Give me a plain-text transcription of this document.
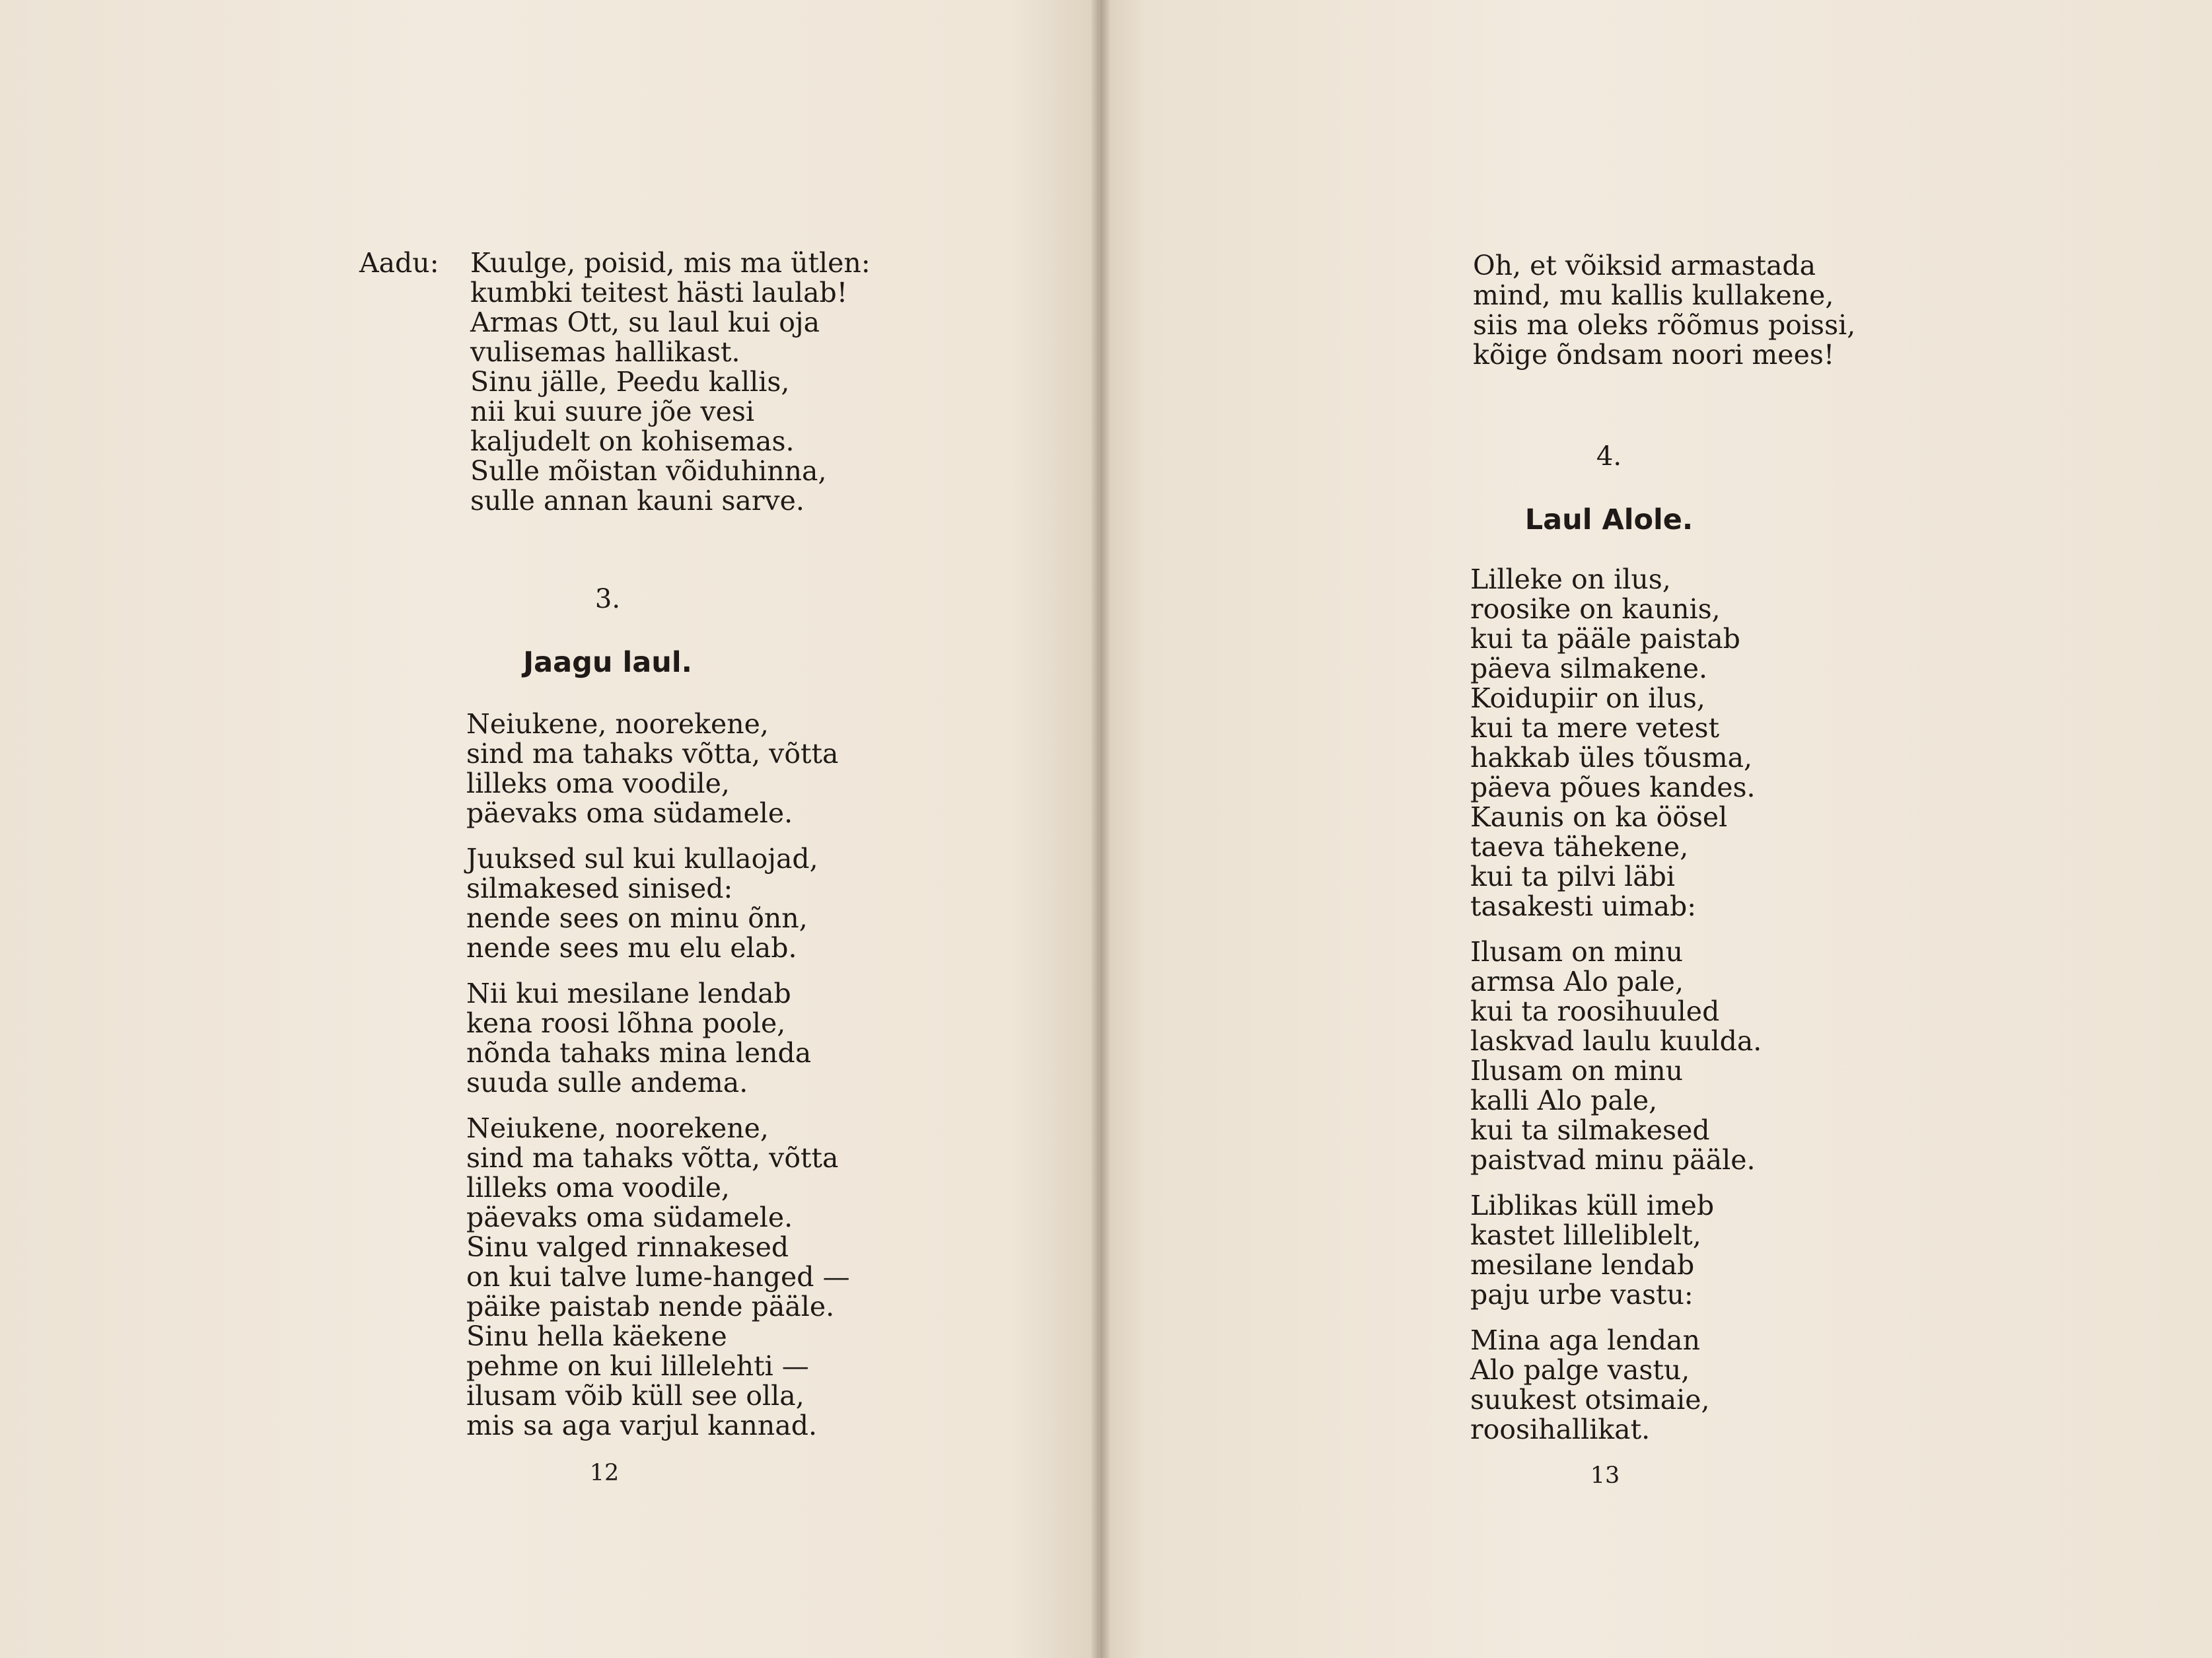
Aadu: Kuulge, poisid, mis ma ütlen:
kumbki teitest hästi laulab!
Armas Ott, su laul kui oja
vulisemas hallikast.
Sinu jälle, Peedu kallis,
nii kui suure jõe vesi
kaljudelt on kohisemas.
Sulle mõistan võiduhinna,
sulle annan kauni sarve.
3.
Jaagu laul.
Neiukene, noorekene,
sind ma tahaks võtta, võtta
lilleks oma voodile,
päevaks oma südamele.
Juuksed sul kui kullaojad,
silmakesed sinised:
nende sees on minu õnn,
nende sees mu elu elab.
Nii kui mesilane lendab
kena roosi lõhna poole,
nõnda tahaks mina lenda
suuda sulle andema.
Neiukene, noorekene,
sind ma tahaks võtta, võtta
lilleks oma voodile,
päevaks oma südamele.
Sinu valged rinnakesed
on kui talve lume-hanged —
päike paistab nende pääle.
Sinu hella käekene
pehme on kui lillelehti —
ilusam võib küll see olla,
mis sa aga varjul kannad.
12
Oh, et võiksid armastada
mind, mu kallis kullakene,
siis ma oleks rõõmus poissi,
kõige õndsam noori mees!
4.
Laul Alole.
Lilleke on ilus,
roosike on kaunis,
kui ta pääle paistab
päeva silmakene.
Koidupiir on ilus,
kui ta mere vetest
hakkab üles tõusma,
päeva põues kandes.
Kaunis on ka öösel
taeva tähekene,
kui ta pilvi läbi
tasakesti uimab:
Ilusam on minu
armsa Alo pale,
kui ta roosihuuled
laskvad laulu kuulda.
Ilusam on minu
kalli Alo pale,
kui ta silmakesed
paistvad minu pääle.
Liblikas küll imeb
kastet lilleliblelt,
mesilane lendab
paju urbe vastu:
Mina aga lendan
Alo palge vastu,
suukest otsimaie,
roosihallikat.
13
